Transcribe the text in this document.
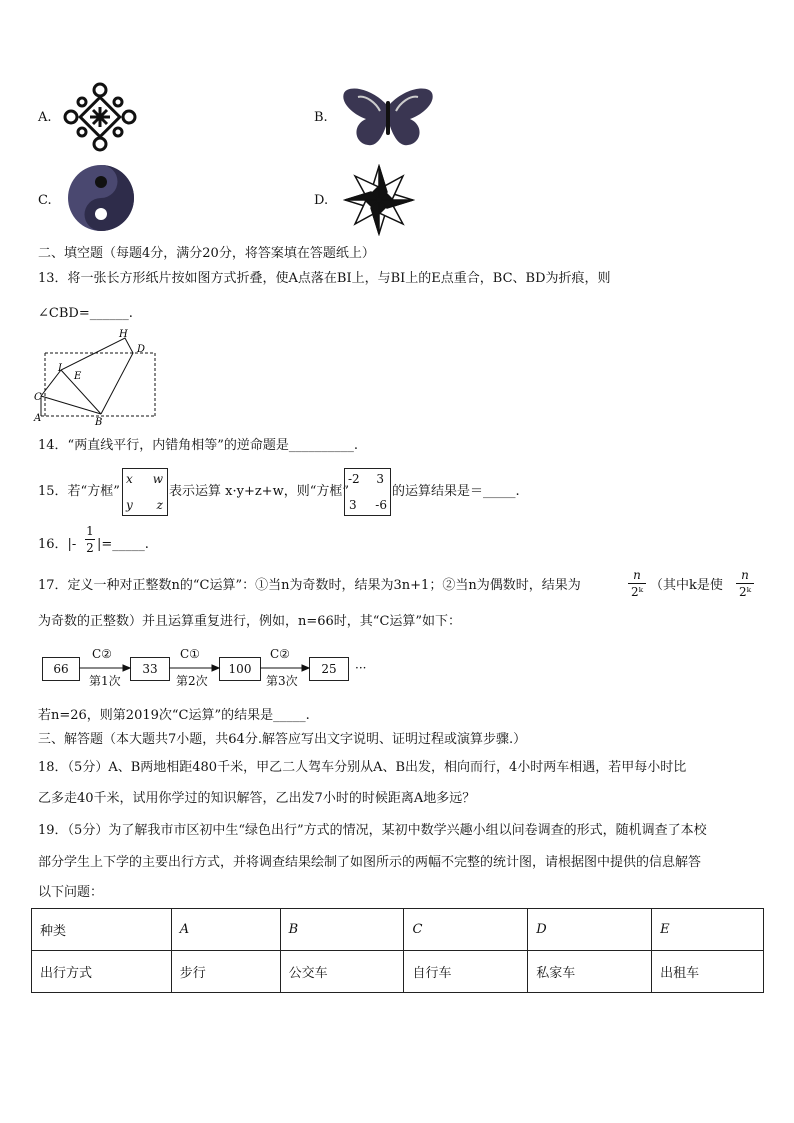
A.	B.
C.	D.
二、填空题（每题4分，满分20分，将答案填在答题纸上）
13．将一张长方形纸片按如图方式折叠，使A点落在BI上，与BI上的E点重合，BC、BD为折痕，则
∠CBD=______.
H
D
I
E
C
A	B
14．“两直线平行，内错角相等”的逆命题是__________.
15．若“方框”
x w
y z
表示运算 x·y+z+w，则“方框”
-2 3
3 -6
的运算结果是＝_____.
16．|-
1
2 |=_____.
17．定义一种对正整数n的“C运算”：①当n为奇数时，结果为3n+1；②当n为偶数时，结果为
n
2ᵏ （其中k是使
n
2ᵏ
为奇数的正整数）并且运算重复进行，例如，n=66时，其“C运算”如下：
66	33	100	25
C②	C①	C②
第1次	第2次	第3次
···
若n=26，则第2019次“C运算”的结果是_____.
三、解答题（本大题共7小题，共64分.解答应写出文字说明、证明过程或演算步骤.）
18．（5分）A、B两地相距480千米，甲乙二人驾车分别从A、B出发，相向而行，4小时两车相遇，若甲每小时比
乙多走40千米，试用你学过的知识解答，乙出发7小时的时候距离A地多远？
19．（5分）为了解我市市区初中生“绿色出行”方式的情况，某初中数学兴趣小组以问卷调查的形式，随机调查了本校
部分学生上下学的主要出行方式，并将调查结果绘制了如图所示的两幅不完整的统计图，请根据图中提供的信息解答
以下问题：
种类	A	B	C	D	E
出行方式	步行	公交车	自行车	私家车	出租车
